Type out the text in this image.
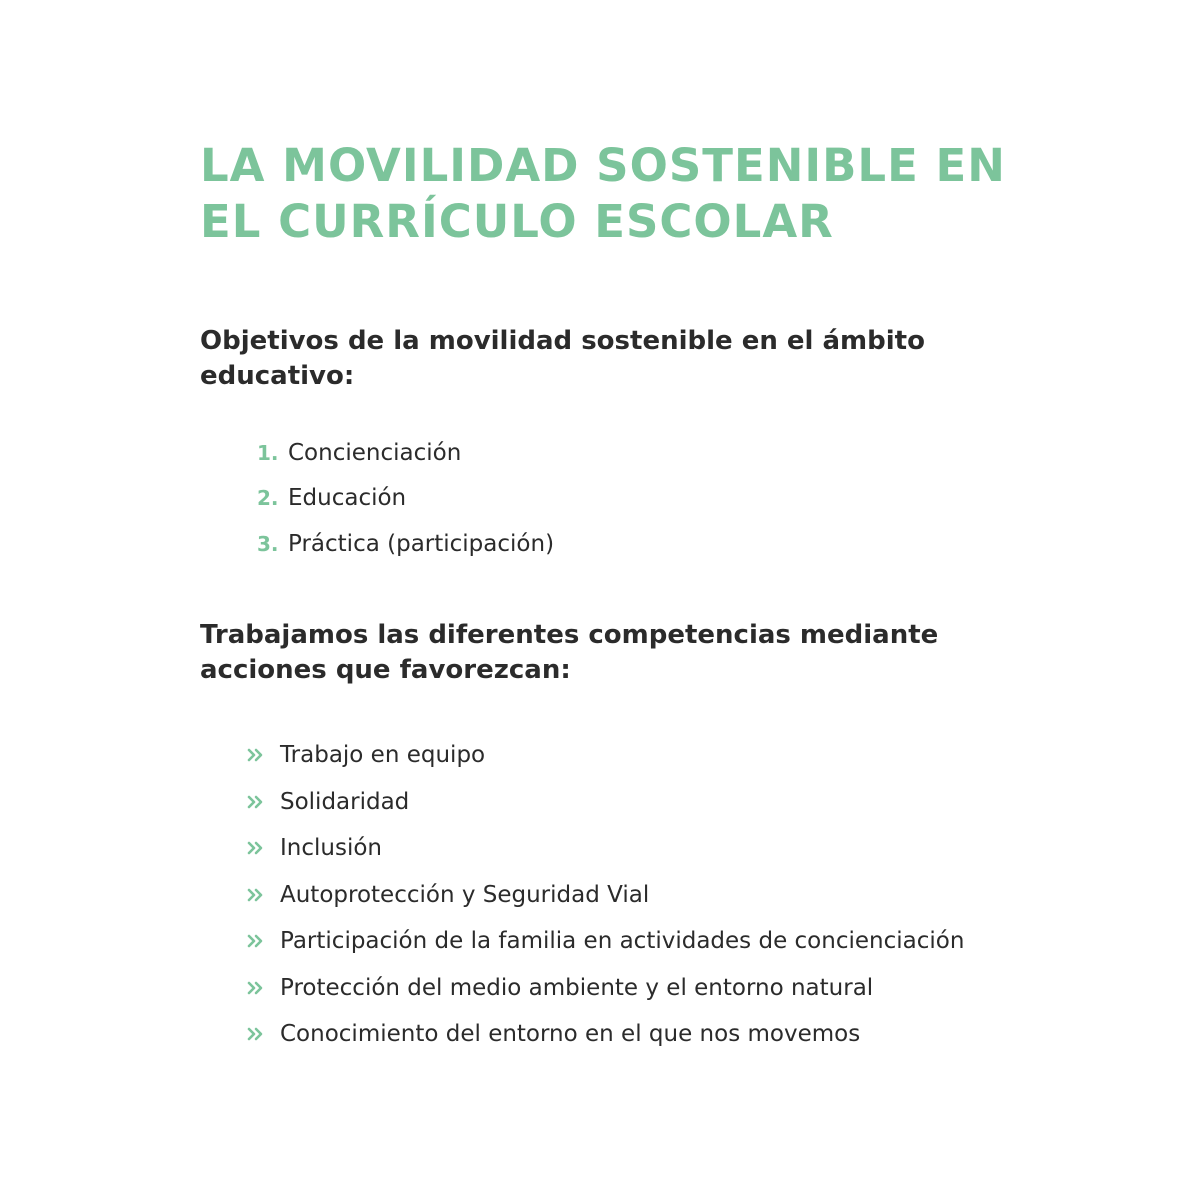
LA MOVILIDAD SOSTENIBLE EN
EL CURRÍCULO ESCOLAR
Objetivos de la movilidad sostenible en el ámbito
educativo:
1. Concienciación
2. Educación
3. Práctica (participación)
Trabajamos las diferentes competencias mediante
acciones que favorezcan:
Trabajo en equipo
Solidaridad
Inclusión
Autoprotección y Seguridad Vial
Participación de la familia en actividades de concienciación
Protección del medio ambiente y el entorno natural
Conocimiento del entorno en el que nos movemos
